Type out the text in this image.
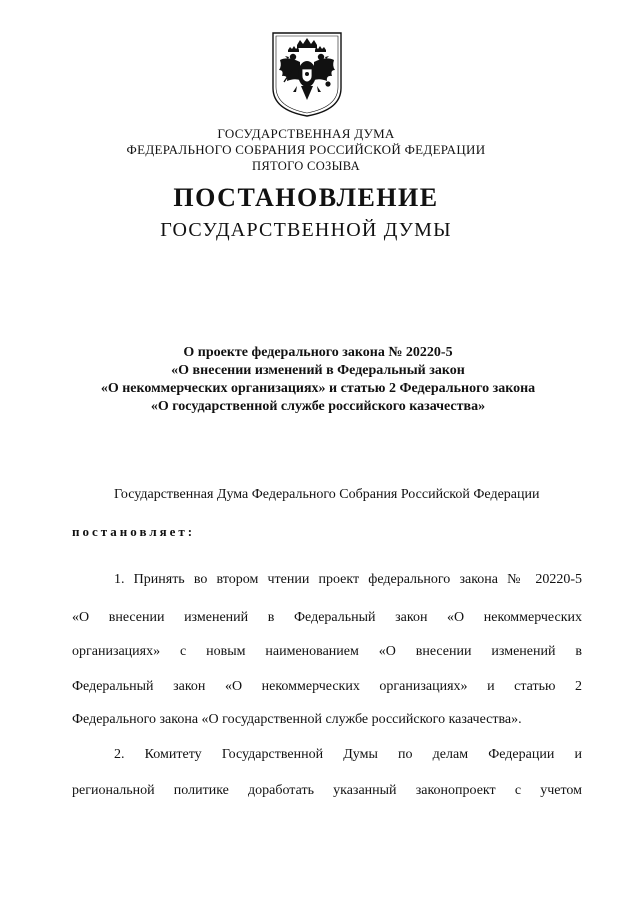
ГОСУДАРСТВЕННАЯ ДУМА
ФЕДЕРАЛЬНОГО СОБРАНИЯ РОССИЙСКОЙ ФЕДЕРАЦИИ
ПЯТОГО СОЗЫВА
ПОСТАНОВЛЕНИЕ
ГОСУДАРСТВЕННОЙ ДУМЫ
О проекте федерального закона № 20220-5
«О внесении изменений в Федеральный закон
«О некоммерческих организациях» и статью 2 Федерального закона
«О государственной службе российского казачества»
Государственная Дума Федерального Собрания Российской Федерации
постановляет:
1. Принять во втором чтении проект федерального закона № 20220-5
«О внесении изменений в Федеральный закон «О некоммерческих
организациях» с новым наименованием «О внесении изменений в
Федеральный закон «О некоммерческих организациях» и статью 2
Федерального закона «О государственной службе российского казачества».
2. Комитету Государственной Думы по делам Федерации и
региональной политике доработать указанный законопроект с учетом
